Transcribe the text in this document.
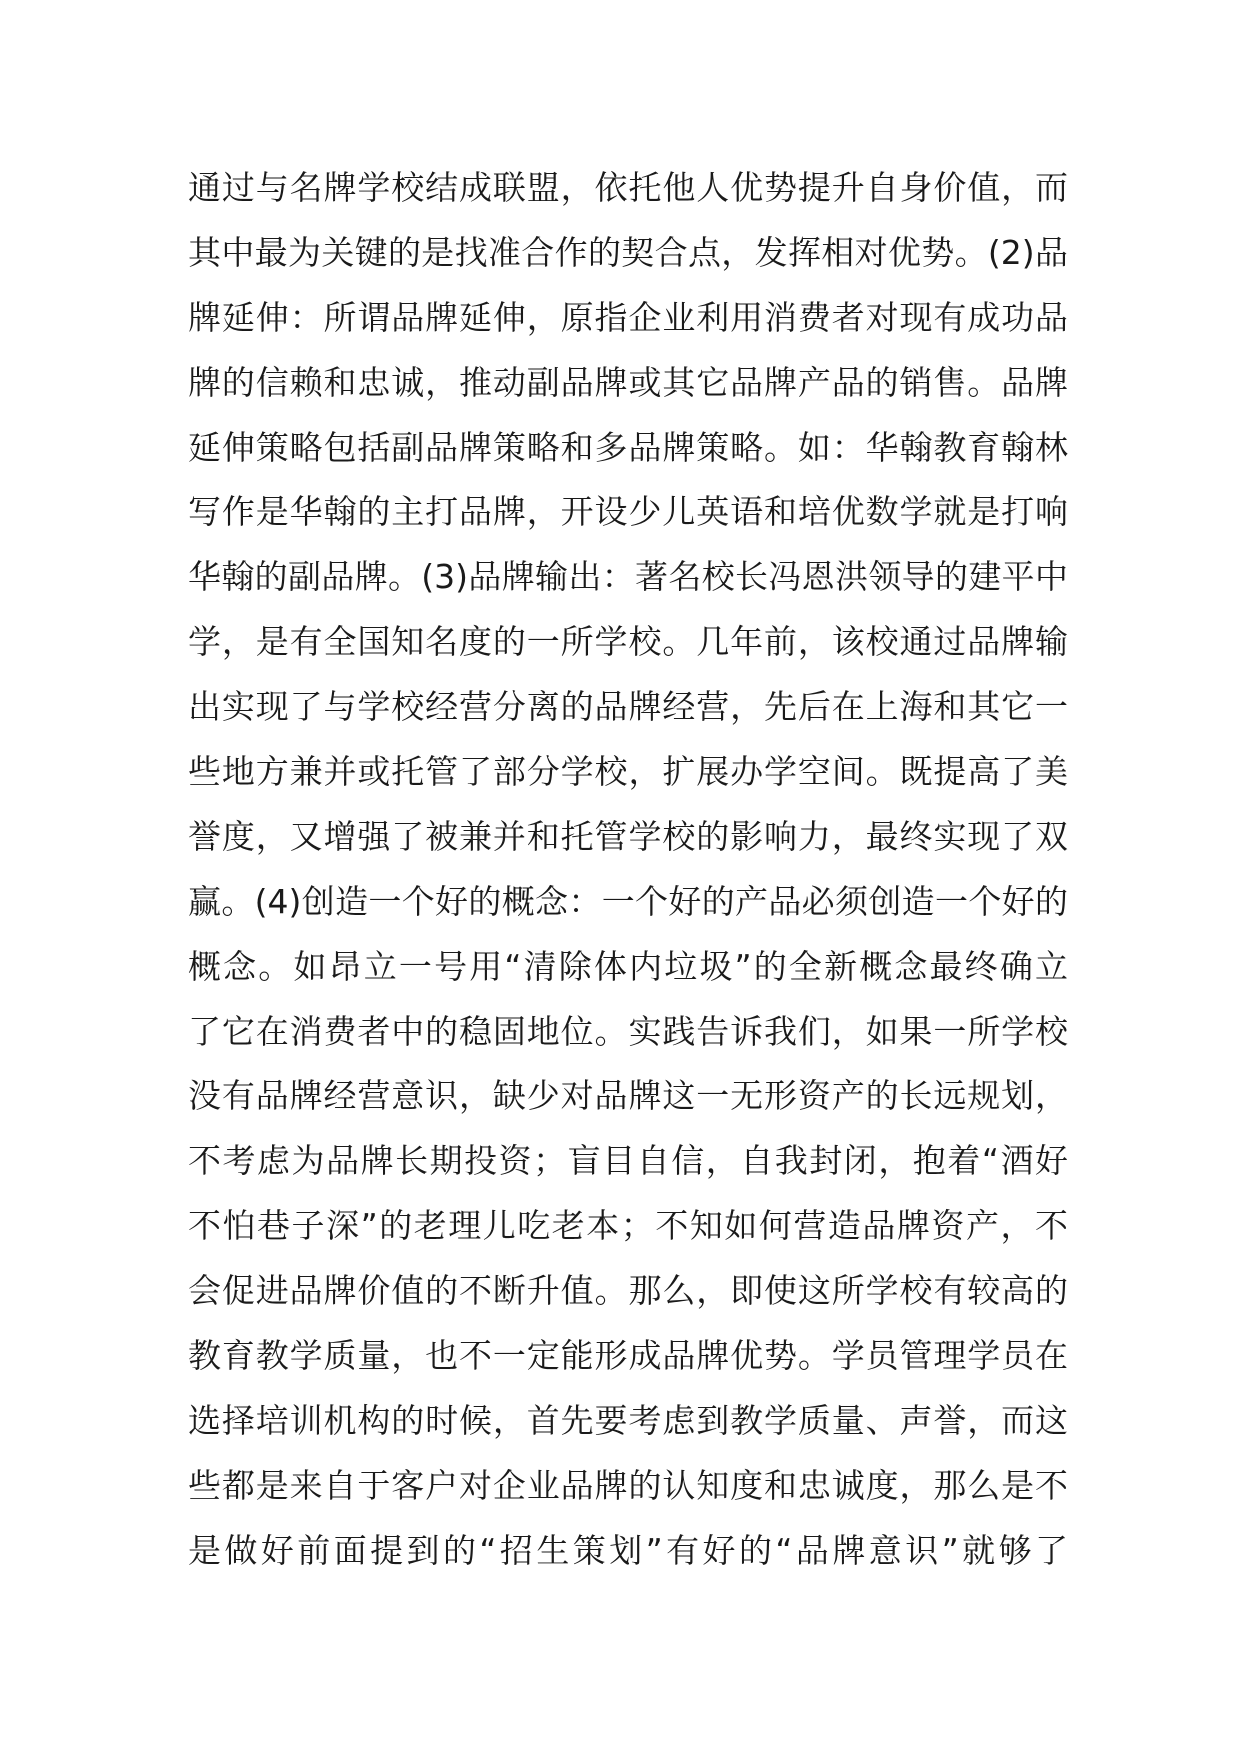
通过与名牌学校结成联盟，依托他人优势提升自身价值，而
其中最为关键的是找准合作的契合点，发挥相对优势。(2)品
牌延伸：所谓品牌延伸，原指企业利用消费者对现有成功品
牌的信赖和忠诚，推动副品牌或其它品牌产品的销售。品牌
延伸策略包括副品牌策略和多品牌策略。如：华翰教育翰林
写作是华翰的主打品牌，开设少儿英语和培优数学就是打响
华翰的副品牌。(3)品牌输出：著名校长冯恩洪领导的建平中
学，是有全国知名度的一所学校。几年前，该校通过品牌输
出实现了与学校经营分离的品牌经营，先后在上海和其它一
些地方兼并或托管了部分学校，扩展办学空间。既提高了美
誉度，又增强了被兼并和托管学校的影响力，最终实现了双
赢。(4)创造一个好的概念：一个好的产品必须创造一个好的
概念。如昂立一号用“清除体内垃圾”的全新概念最终确立
了它在消费者中的稳固地位。实践告诉我们，如果一所学校
没有品牌经营意识，缺少对品牌这一无形资产的长远规划，
不考虑为品牌长期投资；盲目自信，自我封闭，抱着“酒好
不怕巷子深”的老理儿吃老本；不知如何营造品牌资产，不
会促进品牌价值的不断升值。那么，即使这所学校有较高的
教育教学质量，也不一定能形成品牌优势。学员管理学员在
选择培训机构的时候，首先要考虑到教学质量、声誉，而这
些都是来自于客户对企业品牌的认知度和忠诚度，那么是不
是做好前面提到的“招生策划”有好的“品牌意识”就够了
